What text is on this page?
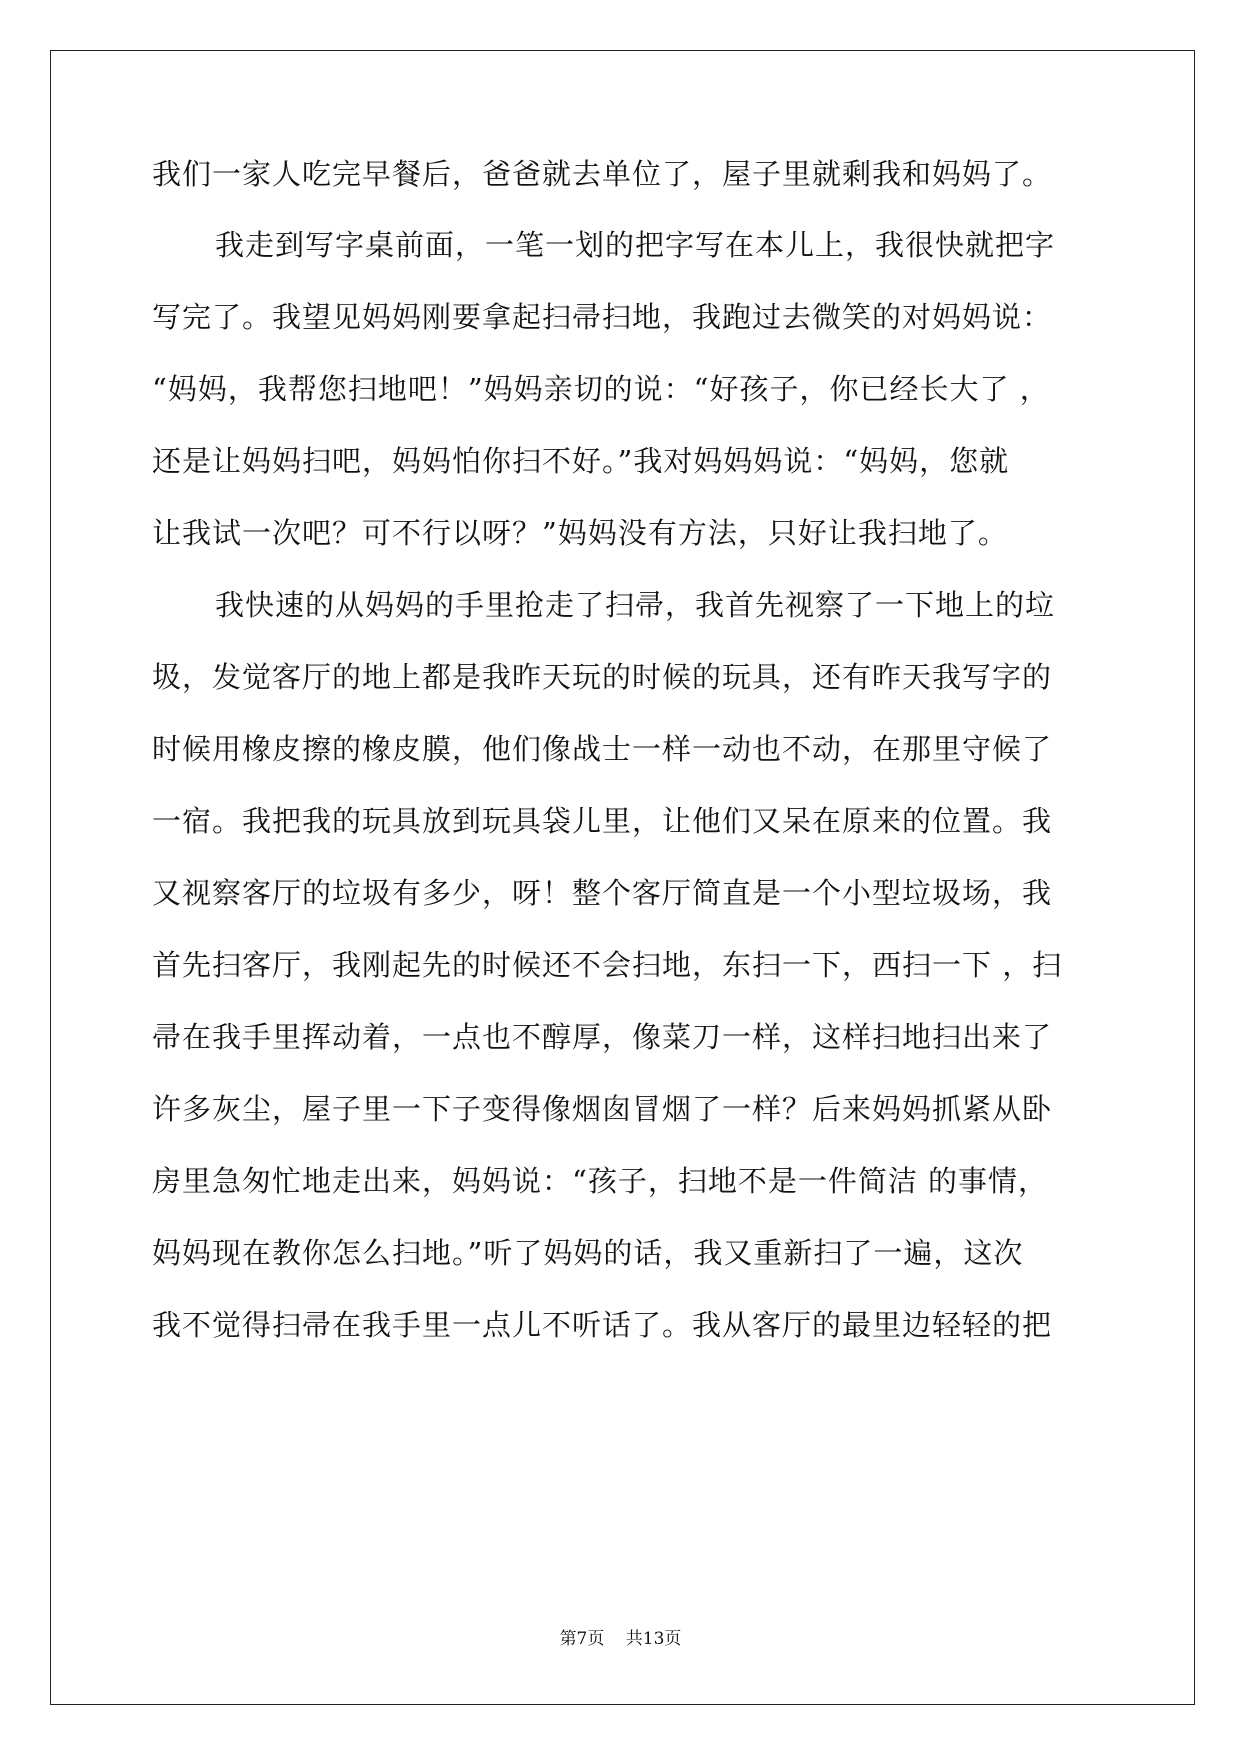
我们一家人吃完早餐后，爸爸就去单位了，屋子里就剩我和妈妈了。
我走到写字桌前面，一笔一划的把字写在本儿上，我很快就把字
写完了。我望见妈妈刚要拿起扫帚扫地，我跑过去微笑的对妈妈说：
“妈妈，我帮您扫地吧！”妈妈亲切的说：“好孩子，你已经长大了 ，
还是让妈妈扫吧，妈妈怕你扫不好。”我对妈妈妈说：“妈妈，您就
让我试一次吧？可不行以呀？”妈妈没有方法，只好让我扫地了。
我快速的从妈妈的手里抢走了扫帚，我首先视察了一下地上的垃
圾，发觉客厅的地上都是我昨天玩的时候的玩具，还有昨天我写字的
时候用橡皮擦的橡皮膜，他们像战士一样一动也不动，在那里守候了
一宿。我把我的玩具放到玩具袋儿里，让他们又呆在原来的位置。我
又视察客厅的垃圾有多少，呀！整个客厅简直是一个小型垃圾场，我
首先扫客厅，我刚起先的时候还不会扫地，东扫一下，西扫一下 ，扫
帚在我手里挥动着，一点也不醇厚，像菜刀一样，这样扫地扫出来了
许多灰尘，屋子里一下子变得像烟囱冒烟了一样？后来妈妈抓紧从卧
房里急匆忙地走出来，妈妈说：“孩子，扫地不是一件简洁 的事情，
妈妈现在教你怎么扫地。”听了妈妈的话，我又重新扫了一遍，这次
我不觉得扫帚在我手里一点儿不听话了。我从客厅的最里边轻轻的把
第7页 共13页
